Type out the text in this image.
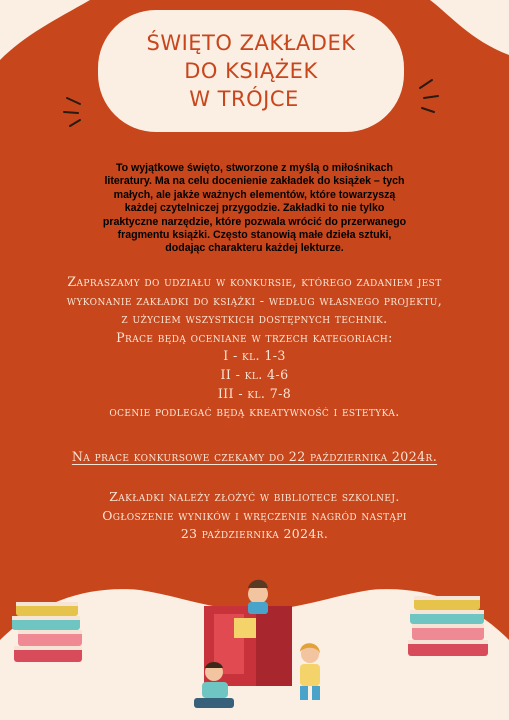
ŚWIĘTO ZAKŁADEK
DO KSIĄŻEK
W TRÓJCE
To wyjątkowe święto, stworzone z myślą o miłośnikach
literatury. Ma na celu docenienie zakładek do książek – tych
małych, ale jakże ważnych elementów, które towarzyszą
każdej czytelniczej przygodzie. Zakładki to nie tylko
praktyczne narzędzie, które pozwala wrócić do przerwanego
fragmentu książki. Często stanowią małe dzieła sztuki,
dodając charakteru każdej lekturze.
Zapraszamy do udziału w konkursie, którego zadaniem jest
wykonanie zakładki do książki - według własnego projektu,
z użyciem wszystkich dostępnych technik.
Prace będą oceniane w trzech kategoriach:
I - kl. 1-3
II - kl. 4-6
III - kl. 7-8
ocenie podlegać będą kreatywność i estetyka.
Na prace konkursowe czekamy do 22 października 2024r.
Zakładki należy złożyć w bibliotece szkolnej.
Ogłoszenie wyników i wręczenie nagród nastąpi
23 października 2024r.
